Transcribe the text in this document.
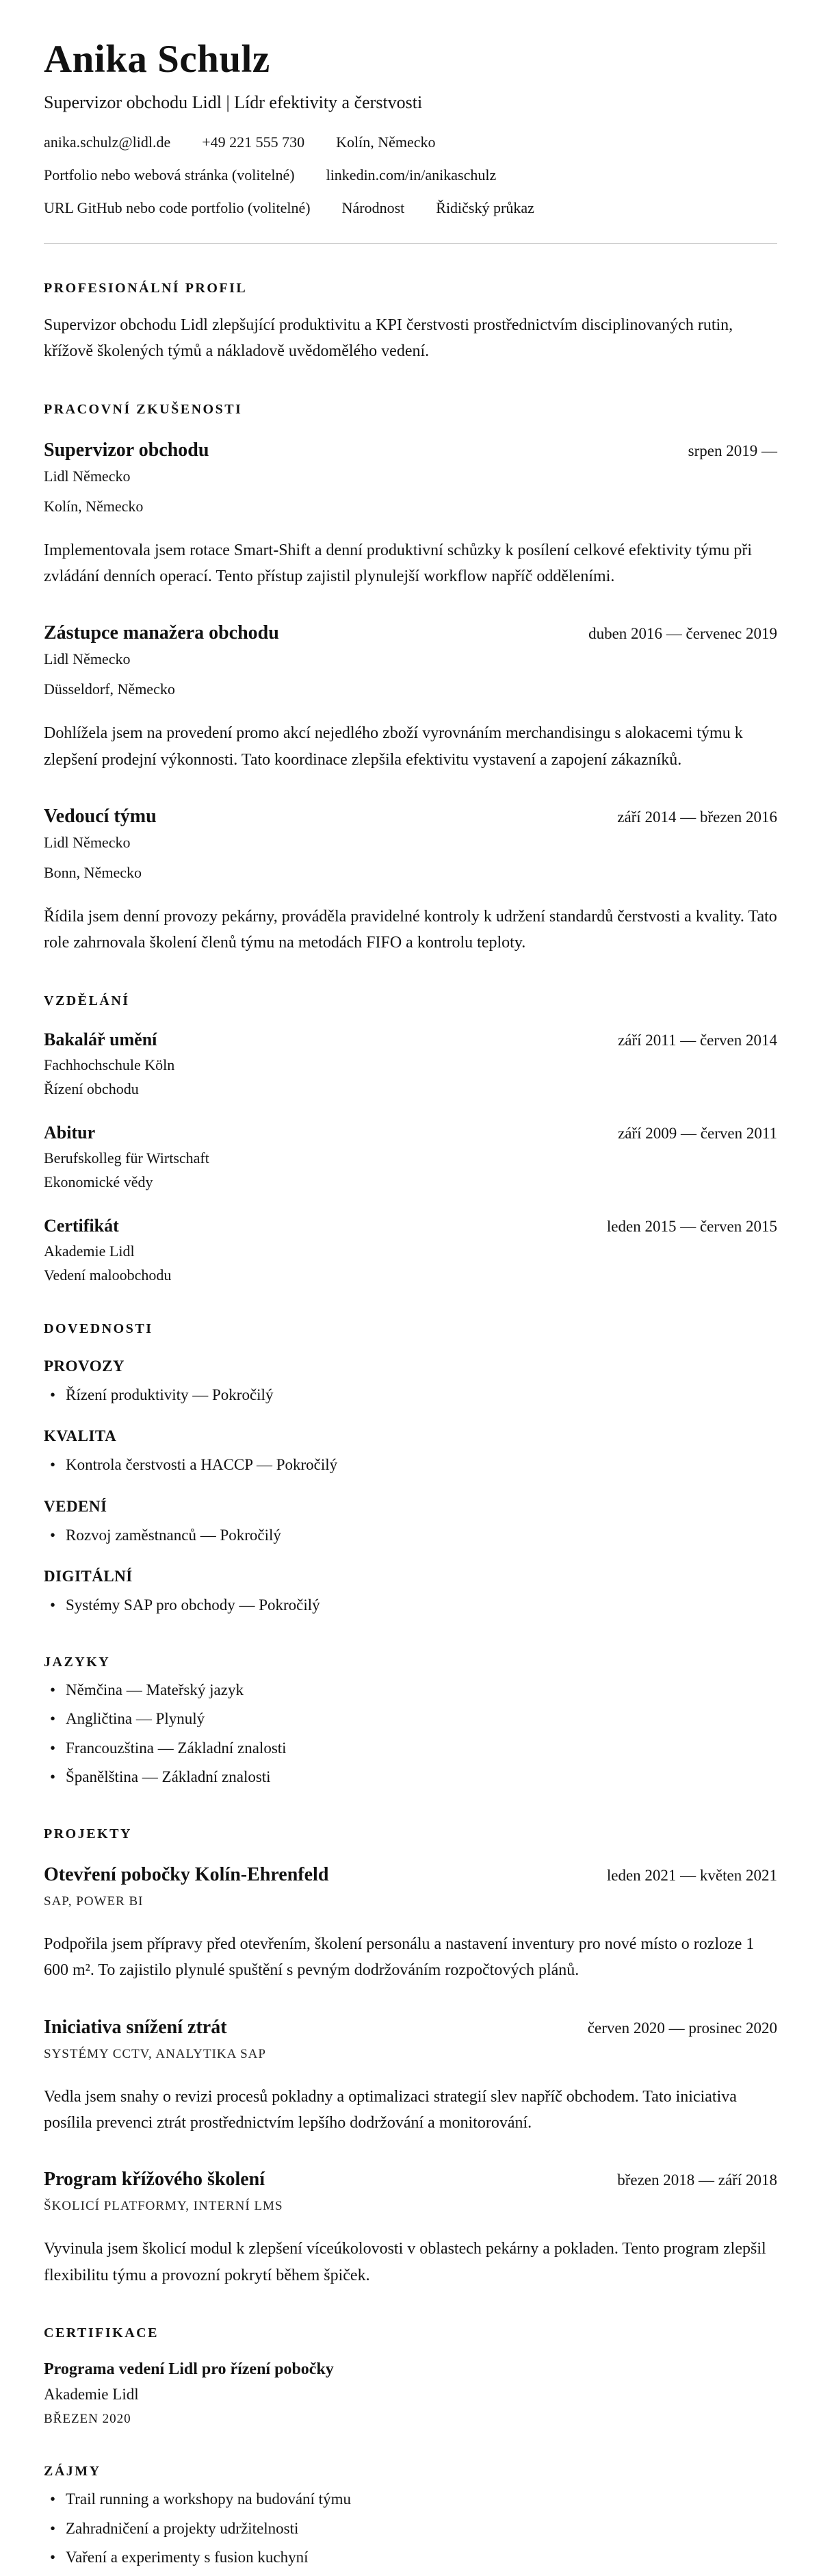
Anika Schulz
Supervizor obchodu Lidl | Lídr efektivity a čerstvosti
anika.schulz@lidl.de +49 221 555 730 Kolín, Německo
Portfolio nebo webová stránka (volitelné) linkedin.com/in/anikaschulz
URL GitHub nebo code portfolio (volitelné) Národnost Řidičský průkaz
PROFESIONÁLNÍ PROFIL

Supervizor obchodu Lidl zlepšující produktivitu a KPI čerstvosti prostřednictvím disciplinovaných rutin, křížově školených týmů a nákladově uvědomělého vedení.

PRACOVNÍ ZKUŠENOSTI
Supervizor obchodu	srpen 2019 —
Lidl Německo
Kolín, Německo

Implementovala jsem rotace Smart-Shift a denní produktivní schůzky k posílení celkové efektivity týmu při zvládání denních operací. Tento přístup zajistil plynulejší workflow napříč odděleními.

Zástupce manažera obchodu	duben 2016 — červenec 2019
Lidl Německo
Düsseldorf, Německo

Dohlížela jsem na provedení promo akcí nejedlého zboží vyrovnáním merchandisingu s alokacemi týmu k zlepšení prodejní výkonnosti. Tato koordinace zlepšila efektivitu vystavení a zapojení zákazníků.

Vedoucí týmu	září 2014 — březen 2016
Lidl Německo
Bonn, Německo

Řídila jsem denní provozy pekárny, prováděla pravidelné kontroly k udržení standardů čerstvosti a kvality. Tato role zahrnovala školení členů týmu na metodách FIFO a kontrolu teploty.

VZDĚLÁNÍ
Bakalář umění	září 2011 — červen 2014
Fachhochschule Köln
Řízení obchodu
Abitur	září 2009 — červen 2011
Berufskolleg für Wirtschaft
Ekonomické vědy
Certifikát	leden 2015 — červen 2015
Akademie Lidl
Vedení maloobchodu
DOVEDNOSTI
PROVOZY
• Řízení produktivity — Pokročilý
KVALITA
• Kontrola čerstvosti a HACCP — Pokročilý
VEDENÍ
• Rozvoj zaměstnanců — Pokročilý
DIGITÁLNÍ
• Systémy SAP pro obchody — Pokročilý
JAZYKY
• Němčina — Mateřský jazyk
• Angličtina — Plynulý
• Francouzština — Základní znalosti
• Španělština — Základní znalosti
PROJEKTY
Otevření pobočky Kolín-Ehrenfeld	leden 2021 — květen 2021
SAP, POWER BI

Podpořila jsem přípravy před otevřením, školení personálu a nastavení inventury pro nové místo o rozloze 1 600 m². To zajistilo plynulé spuštění s pevným dodržováním rozpočtových plánů.

Iniciativa snížení ztrát	červen 2020 — prosinec 2020
SYSTÉMY CCTV, ANALYTIKA SAP

Vedla jsem snahy o revizi procesů pokladny a optimalizaci strategií slev napříč obchodem. Tato iniciativa posílila prevenci ztrát prostřednictvím lepšího dodržování a monitorování.

Program křížového školení	březen 2018 — září 2018
ŠKOLICÍ PLATFORMY, INTERNÍ LMS

Vyvinula jsem školicí modul k zlepšení víceúkolovosti v oblastech pekárny a pokladen. Tento program zlepšil flexibilitu týmu a provozní pokrytí během špiček.

CERTIFIKACE
Programa vedení Lidl pro řízení pobočky
Akademie Lidl
BŘEZEN 2020
ZÁJMY
• Trail running a workshopy na budování týmu
• Zahradničení a projekty udržitelnosti
• Vaření a experimenty s fusion kuchyní
